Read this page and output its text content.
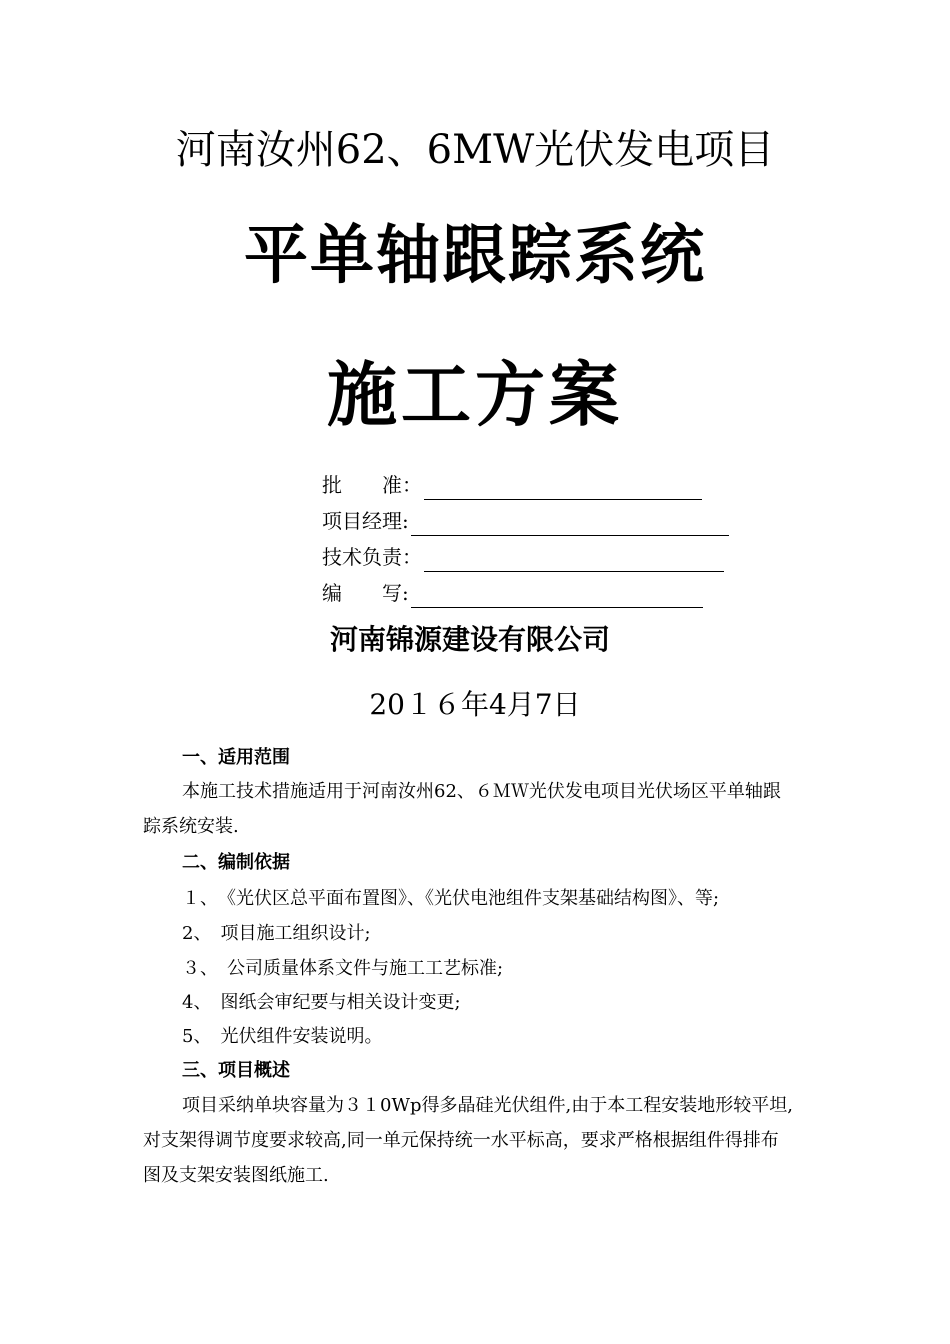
河南汝州62、6MW光伏发电项目
平单轴跟踪系统
施工方案
批　　准：
项目经理:
技术负责：
编　　写:
河南锦源建设有限公司
20１６年4月7日
一、适用范围
本施工技术措施适用于河南汝州62、６ＭＷ光伏发电项目光伏场区平单轴跟
踪系统安装.
二、编制依据
１、　《光伏区总平面布置图》、《光伏电池组件支架基础结构图》、等;
2、　项目施工组织设计;
３、　公司质量体系文件与施工工艺标准;
4、　图纸会审纪要与相关设计变更;
5、　光伏组件安装说明。
三、项目概述
项目采纳单块容量为３１0Wp得多晶硅光伏组件,由于本工程安装地形较平坦,
对支架得调节度要求较高,同一单元保持统一水平标高，要求严格根据组件得排布
图及支架安装图纸施工.
